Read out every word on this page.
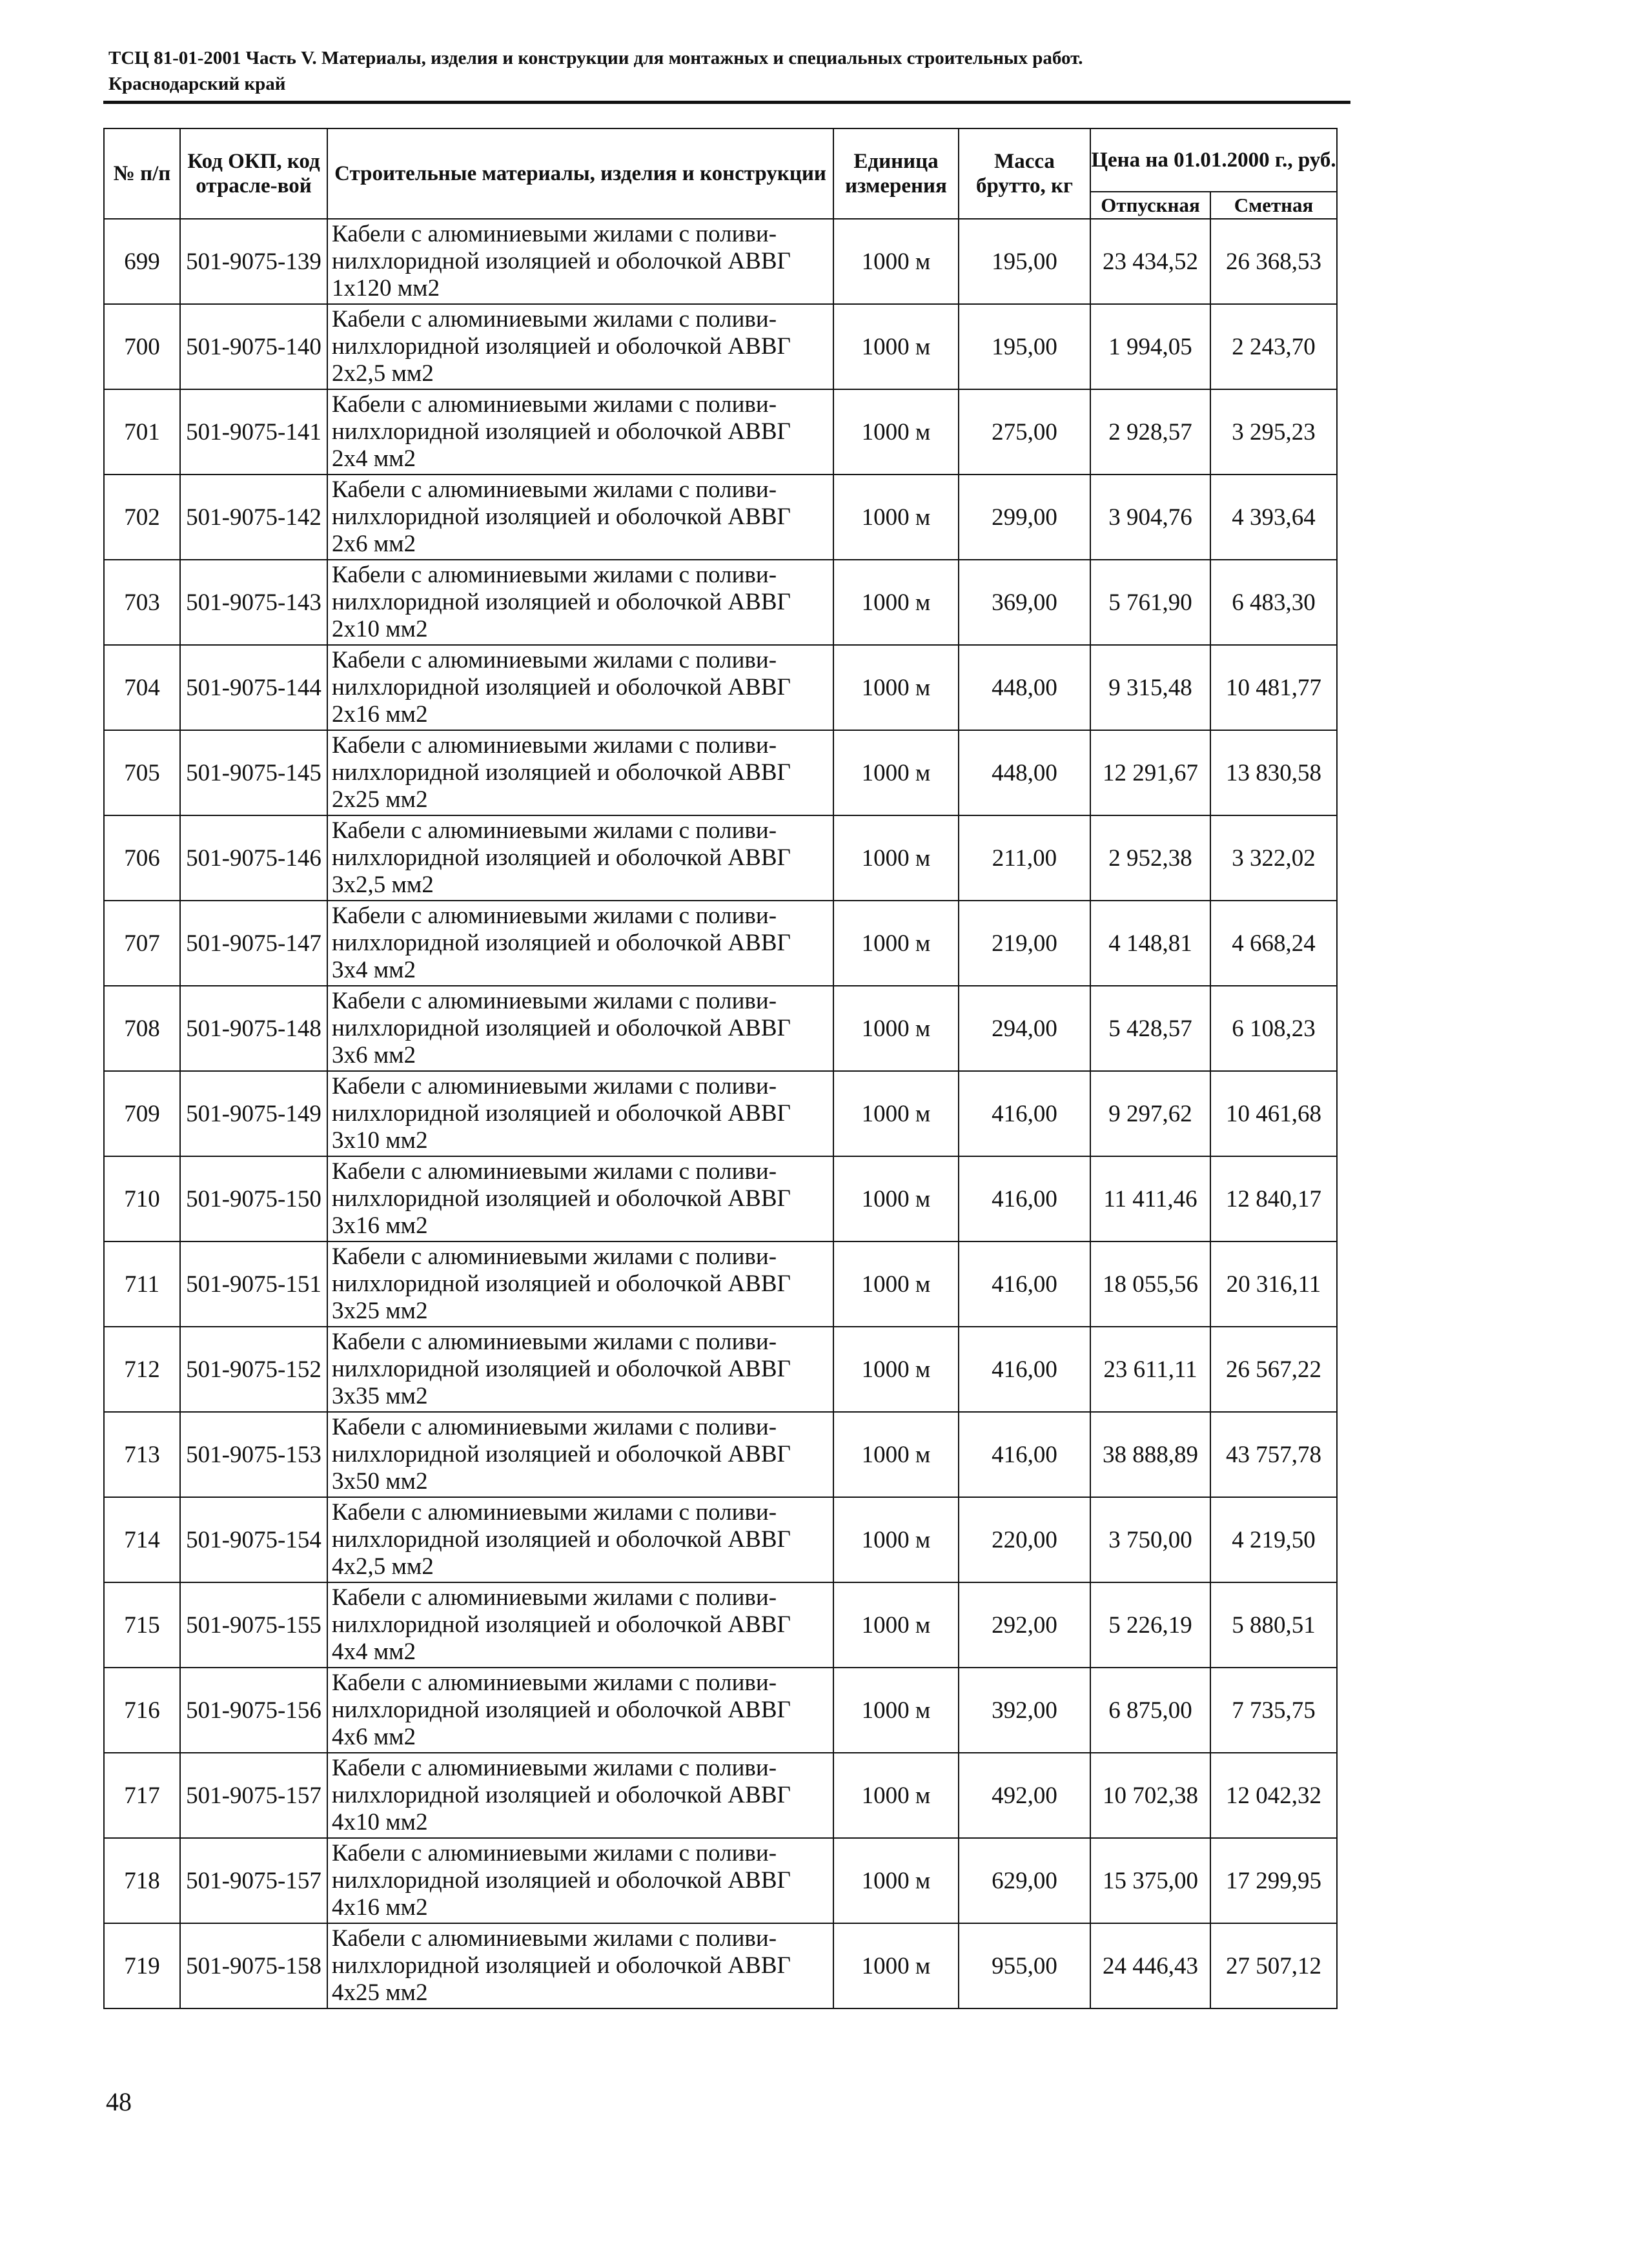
ТСЦ 81-01-2001 Часть V. Материалы, изделия и конструкции для монтажных и специальных строительных работ.
Краснодарский край
№ п/п	Код ОКП, код отрасле-вой	Строительные материалы, изделия и конструкции	Единица измерения	Масса брутто, кг	Цена на 01.01.2000 г., руб.	
					Отпускная	Сметная
699	501-9075-139	Кабели с алюминиевыми жилами с поливи-
нилхлоридной изоляцией и оболочкой АВВГ
1х120 мм2	1000 м	195,00	23 434,52	26 368,53
700	501-9075-140	Кабели с алюминиевыми жилами с поливи-
нилхлоридной изоляцией и оболочкой АВВГ
2х2,5 мм2	1000 м	195,00	1 994,05	2 243,70
701	501-9075-141	Кабели с алюминиевыми жилами с поливи-
нилхлоридной изоляцией и оболочкой АВВГ
2х4 мм2	1000 м	275,00	2 928,57	3 295,23
702	501-9075-142	Кабели с алюминиевыми жилами с поливи-
нилхлоридной изоляцией и оболочкой АВВГ
2х6 мм2	1000 м	299,00	3 904,76	4 393,64
703	501-9075-143	Кабели с алюминиевыми жилами с поливи-
нилхлоридной изоляцией и оболочкой АВВГ
2х10 мм2	1000 м	369,00	5 761,90	6 483,30
704	501-9075-144	Кабели с алюминиевыми жилами с поливи-
нилхлоридной изоляцией и оболочкой АВВГ
2х16 мм2	1000 м	448,00	9 315,48	10 481,77
705	501-9075-145	Кабели с алюминиевыми жилами с поливи-
нилхлоридной изоляцией и оболочкой АВВГ
2х25 мм2	1000 м	448,00	12 291,67	13 830,58
706	501-9075-146	Кабели с алюминиевыми жилами с поливи-
нилхлоридной изоляцией и оболочкой АВВГ
3х2,5 мм2	1000 м	211,00	2 952,38	3 322,02
707	501-9075-147	Кабели с алюминиевыми жилами с поливи-
нилхлоридной изоляцией и оболочкой АВВГ
3х4 мм2	1000 м	219,00	4 148,81	4 668,24
708	501-9075-148	Кабели с алюминиевыми жилами с поливи-
нилхлоридной изоляцией и оболочкой АВВГ
3х6 мм2	1000 м	294,00	5 428,57	6 108,23
709	501-9075-149	Кабели с алюминиевыми жилами с поливи-
нилхлоридной изоляцией и оболочкой АВВГ
3х10 мм2	1000 м	416,00	9 297,62	10 461,68
710	501-9075-150	Кабели с алюминиевыми жилами с поливи-
нилхлоридной изоляцией и оболочкой АВВГ
3х16 мм2	1000 м	416,00	11 411,46	12 840,17
711	501-9075-151	Кабели с алюминиевыми жилами с поливи-
нилхлоридной изоляцией и оболочкой АВВГ
3х25 мм2	1000 м	416,00	18 055,56	20 316,11
712	501-9075-152	Кабели с алюминиевыми жилами с поливи-
нилхлоридной изоляцией и оболочкой АВВГ
3х35 мм2	1000 м	416,00	23 611,11	26 567,22
713	501-9075-153	Кабели с алюминиевыми жилами с поливи-
нилхлоридной изоляцией и оболочкой АВВГ
3х50 мм2	1000 м	416,00	38 888,89	43 757,78
714	501-9075-154	Кабели с алюминиевыми жилами с поливи-
нилхлоридной изоляцией и оболочкой АВВГ
4х2,5 мм2	1000 м	220,00	3 750,00	4 219,50
715	501-9075-155	Кабели с алюминиевыми жилами с поливи-
нилхлоридной изоляцией и оболочкой АВВГ
4х4 мм2	1000 м	292,00	5 226,19	5 880,51
716	501-9075-156	Кабели с алюминиевыми жилами с поливи-
нилхлоридной изоляцией и оболочкой АВВГ
4х6 мм2	1000 м	392,00	6 875,00	7 735,75
717	501-9075-157	Кабели с алюминиевыми жилами с поливи-
нилхлоридной изоляцией и оболочкой АВВГ
4х10 мм2	1000 м	492,00	10 702,38	12 042,32
718	501-9075-157	Кабели с алюминиевыми жилами с поливи-
нилхлоридной изоляцией и оболочкой АВВГ
4х16 мм2	1000 м	629,00	15 375,00	17 299,95
719	501-9075-158	Кабели с алюминиевыми жилами с поливи-
нилхлоридной изоляцией и оболочкой АВВГ
4х25 мм2	1000 м	955,00	24 446,43	27 507,12
48
